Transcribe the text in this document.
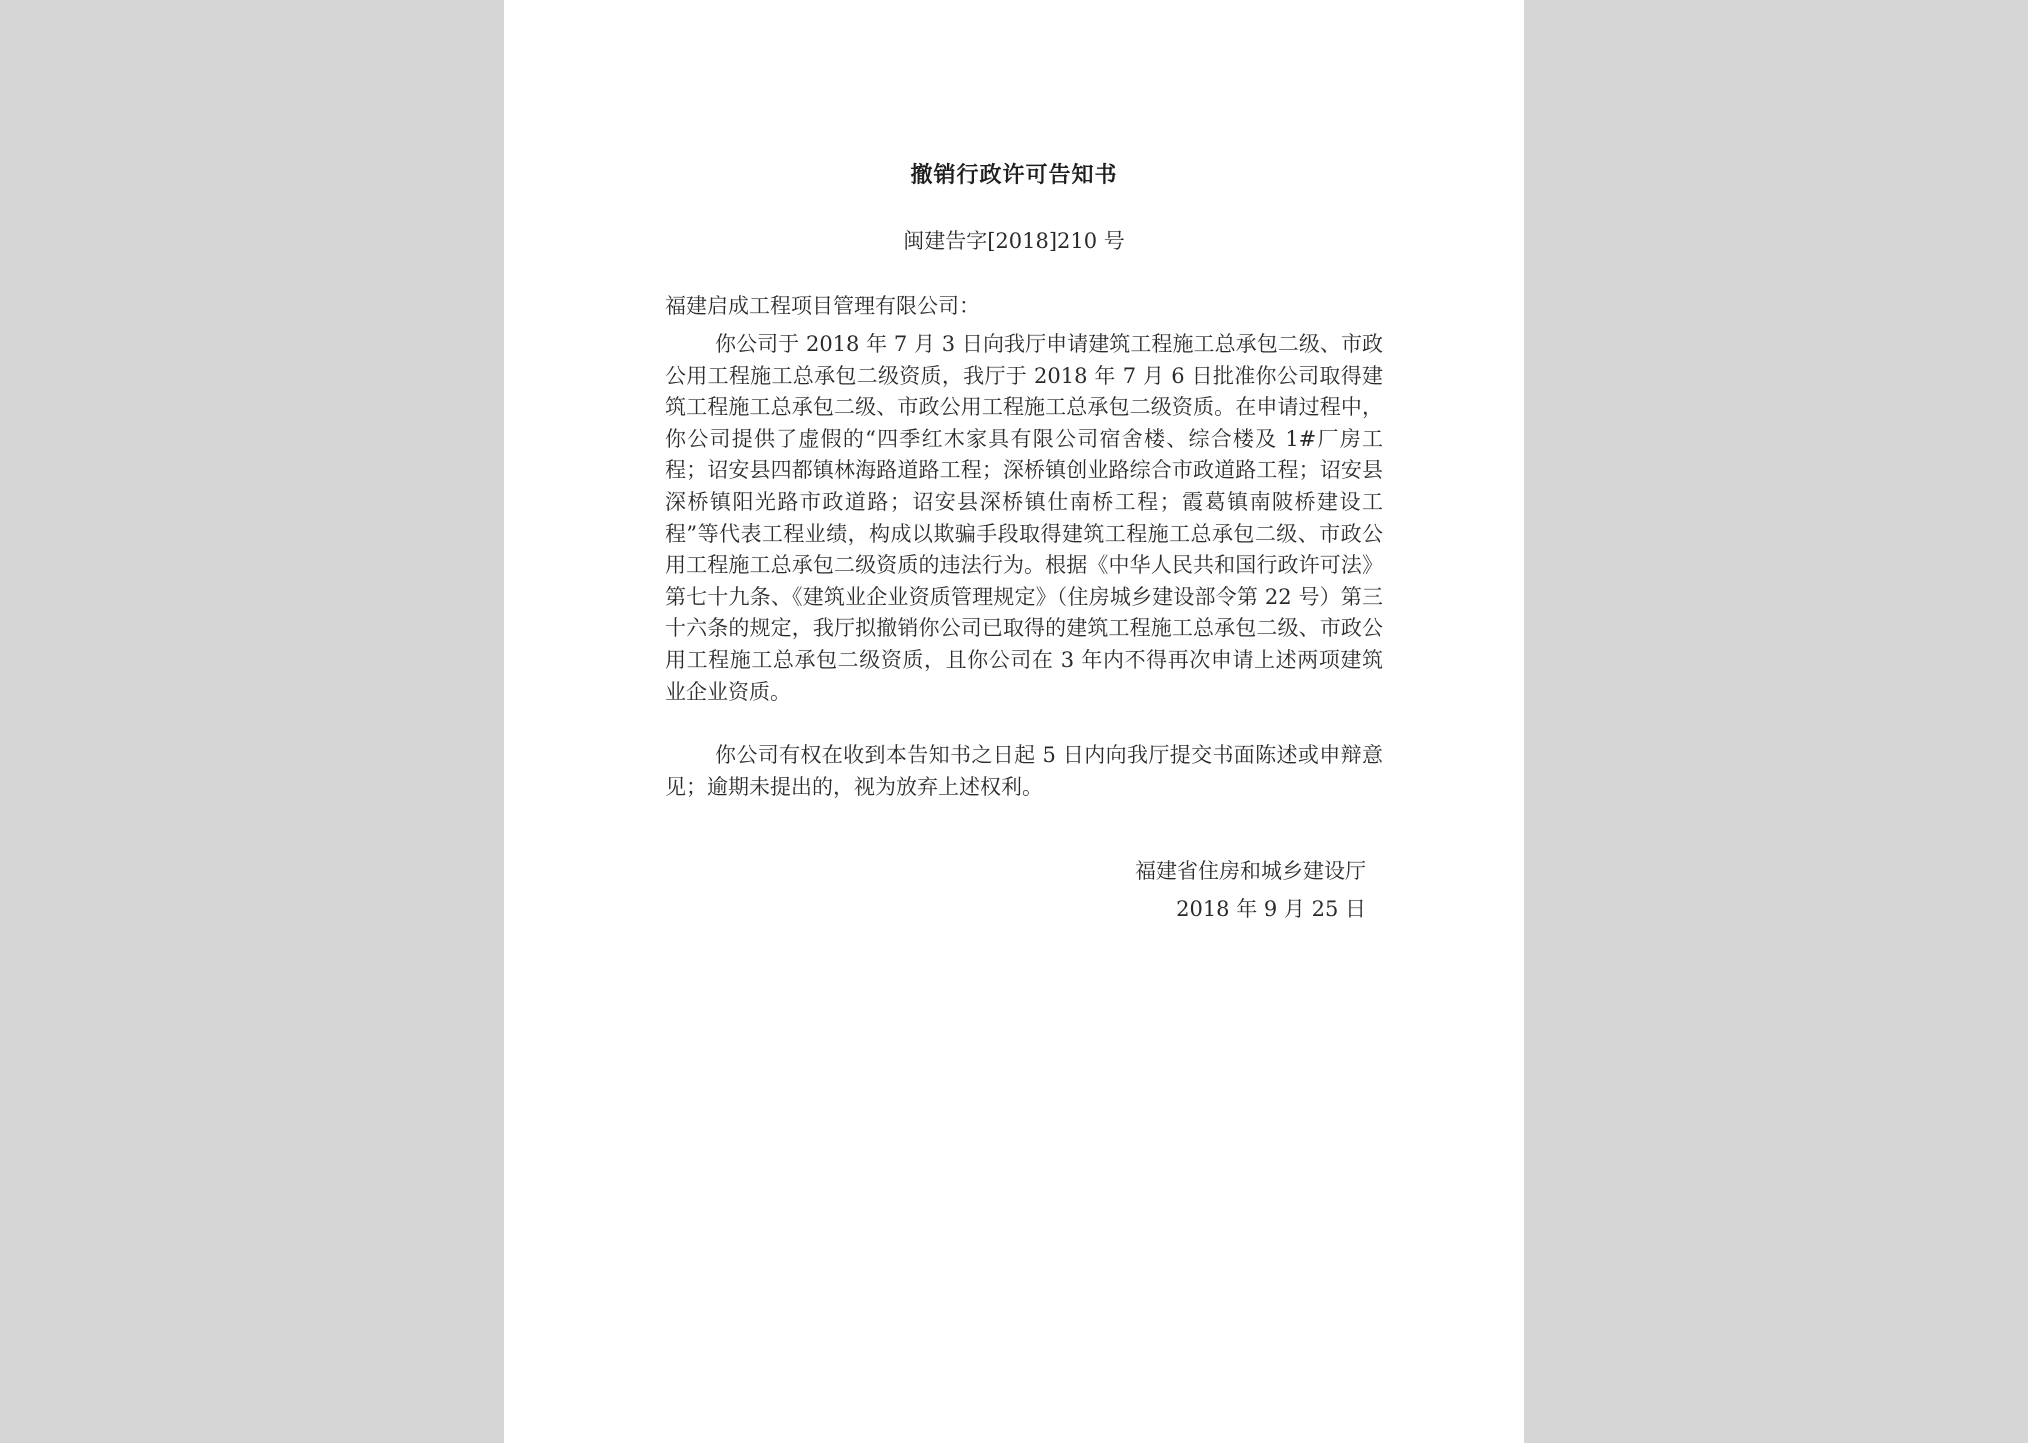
撤销行政许可告知书

闽建告字[2018]210 号

福建启成工程项目管理有限公司：

你公司于 2018 年 7 月 3 日向我厅申请建筑工程施工总承包二级、市政公用工程施工总承包二级资质，我厅于 2018 年 7 月 6 日批准你公司取得建筑工程施工总承包二级、市政公用工程施工总承包二级资质。在申请过程中，你公司提供了虚假的“四季红木家具有限公司宿舍楼、综合楼及 1#厂房工程；诏安县四都镇林海路道路工程；深桥镇创业路综合市政道路工程；诏安县深桥镇阳光路市政道路；诏安县深桥镇仕南桥工程；霞葛镇南陂桥建设工程”等代表工程业绩，构成以欺骗手段取得建筑工程施工总承包二级、市政公用工程施工总承包二级资质的违法行为。根据《中华人民共和国行政许可法》第七十九条、《建筑业企业资质管理规定》（住房城乡建设部令第 22 号）第三十六条的规定，我厅拟撤销你公司已取得的建筑工程施工总承包二级、市政公用工程施工总承包二级资质，且你公司在 3 年内不得再次申请上述两项建筑业企业资质。

你公司有权在收到本告知书之日起 5 日内向我厅提交书面陈述或申辩意见；逾期未提出的，视为放弃上述权利。

福建省住房和城乡建设厅

2018 年 9 月 25 日
